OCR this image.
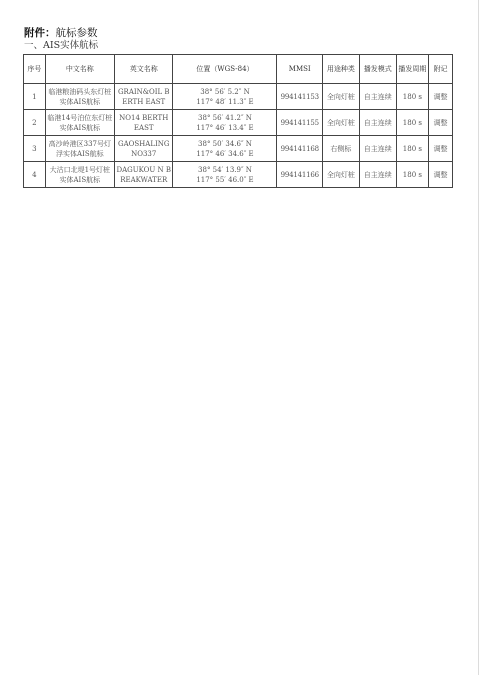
附件：航标参数
一、AIS实体航标
序号	中文名称	英文名称	位置（WGS-84）	MMSI	用途种类	播发模式	播发周期	附记
1	临港粮油码头东灯桩实体AIS航标	GRAIN&OIL BERTH EAST	38° 56′ 5.2″ N
117° 48′ 11.3″ E	994141153	全向灯桩	自主连续	180 s	调整
2	临港14号泊位东灯桩实体AIS航标	NO14 BERTH EAST	38° 56′ 41.2″ N
117° 46′ 13.4″ E	994141155	全向灯桩	自主连续	180 s	调整
3	高沙岭港区337号灯浮实体AIS航标	GAOSHALING NO337	38° 50′ 34.6″ N
117° 46′ 34.6″ E	994141168	右侧标	自主连续	180 s	调整
4	大沽口北堤1号灯桩实体AIS航标	DAGUKOU N BREAKWATER	38° 54′ 13.9″ N
117° 55′ 46.0″ E	994141166	全向灯桩	自主连续	180 s	调整
